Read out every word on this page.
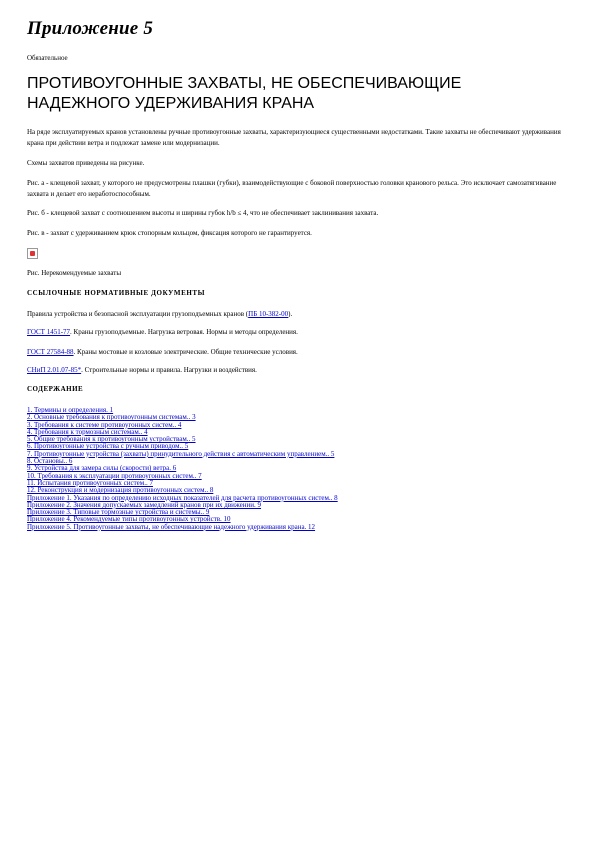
Приложение 5
Обязательное
ПРОТИВОУГОННЫЕ ЗАХВАТЫ, НЕ ОБЕСПЕЧИВАЮЩИЕ НАДЕЖНОГО УДЕРЖИВАНИЯ КРАНА

На ряде эксплуатируемых кранов установлены ручные противоугонные захваты, характеризующиеся существенными недостатками. Такие захваты не обеспечивают удерживания крана при действии ветра и подлежат замене или модернизации.

Схемы захватов приведены на рисунке.

Рис. а - клещевой захват, у которого не предусмотрены плашки (губки), взаимодействующие с боковой поверхностью головки кранового рельса. Это исключает самозатягивание захвата и делает его неработоспособным.

Рис. б - клещевой захват с соотношением высоты и ширины губок h/b ≤ 4, что не обеспечивает заклинивания захвата.

Рис. в - захват с удерживанием крюк стопорным кольцом, фиксация которого не гарантируется.

Рис. Нерекомендуемые захваты

ССЫЛОЧНЫЕ НОРМАТИВНЫЕ ДОКУМЕНТЫ
Правила устройства и безопасной эксплуатации грузоподъемных кранов (ПБ 10-382-00).
ГОСТ 1451-77. Краны грузоподъемные. Нагрузка ветровая. Нормы и методы определения.
ГОСТ 27584-88. Краны мостовые и козловые электрические. Общие технические условия.
СНиП 2.01.07-85*. Строительные нормы и правила. Нагрузки и воздействия.
СОДЕРЖАНИЕ
1. Термины и определения. 1
2. Основные требования к противоугонным системам.. 3
3. Требования к системе противоугонных систем.. 4
4. Требования к тормозным системам.. 4
5. Общие требования к противоугонным устройствам.. 5
6. Противоугонные устройства с ручным приводом.. 5
7. Противоугонные устройства (захваты) принудительного действия с автоматическим управлением.. 5
8. Остановы.. 6
9. Устройства для замера силы (скорости) ветра. 6
10. Требования к эксплуатации противоугонных систем.. 7
11. Испытания противоугонных систем.. 7
12. Реконструкция и модернизация противоугонных систем.. 8
Приложение 1. Указания по определению исходных показателей для расчета противоугонных систем.. 8
Приложение 2. Значения допускаемых замедлений кранов при их движении. 9
Приложение 3. Типовые тормозные устройства и системы.. 9
Приложение 4. Рекомендуемые типы противоугонных устройств. 10
Приложение 5. Противоугонные захваты, не обеспечивающие надежного удерживания крана. 12
